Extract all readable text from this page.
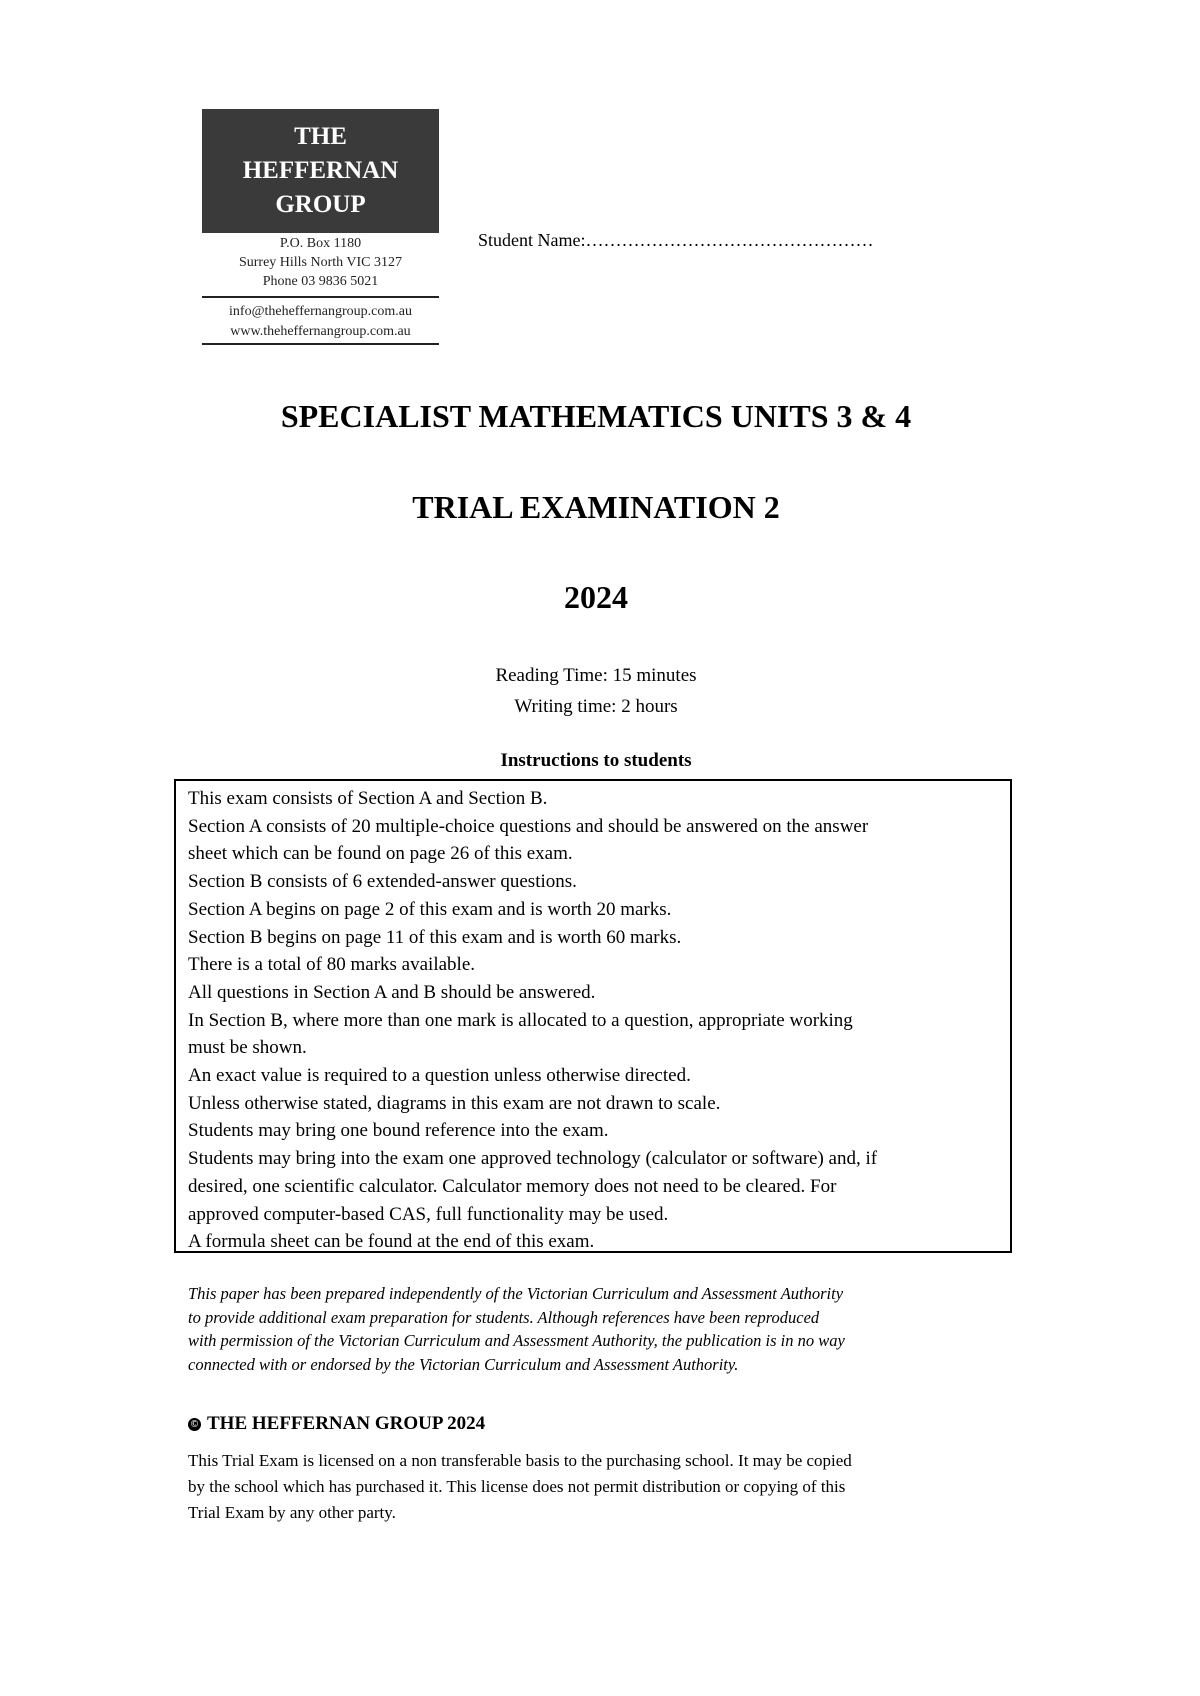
THE
HEFFERNAN
GROUP
P.O. Box 1180
Surrey Hills North VIC 3127
Phone 03 9836 5021
info@theheffernangroup.com.au
www.theheffernangroup.com.au
Student Name:…………………………………………
SPECIALIST MATHEMATICS UNITS 3 & 4
TRIAL EXAMINATION 2
2024
Reading Time: 15 minutes
Writing time: 2 hours
Instructions to students
This exam consists of Section A and Section B.
Section A consists of 20 multiple-choice questions and should be answered on the answer
sheet which can be found on page 26 of this exam.
Section B consists of 6 extended-answer questions.
Section A begins on page 2 of this exam and is worth 20 marks.
Section B begins on page 11 of this exam and is worth 60 marks.
There is a total of 80 marks available.
All questions in Section A and B should be answered.
In Section B, where more than one mark is allocated to a question, appropriate working
must be shown.
An exact value is required to a question unless otherwise directed.
Unless otherwise stated, diagrams in this exam are not drawn to scale.
Students may bring one bound reference into the exam.
Students may bring into the exam one approved technology (calculator or software) and, if
desired, one scientific calculator. Calculator memory does not need to be cleared. For
approved computer-based CAS, full functionality may be used.
A formula sheet can be found at the end of this exam.
This paper has been prepared independently of the Victorian Curriculum and Assessment Authority
to provide additional exam preparation for students. Although references have been reproduced
with permission of the Victorian Curriculum and Assessment Authority, the publication is in no way
connected with or endorsed by the Victorian Curriculum and Assessment Authority.
© THE HEFFERNAN GROUP 2024
This Trial Exam is licensed on a non transferable basis to the purchasing school. It may be copied
by the school which has purchased it. This license does not permit distribution or copying of this
Trial Exam by any other party.
